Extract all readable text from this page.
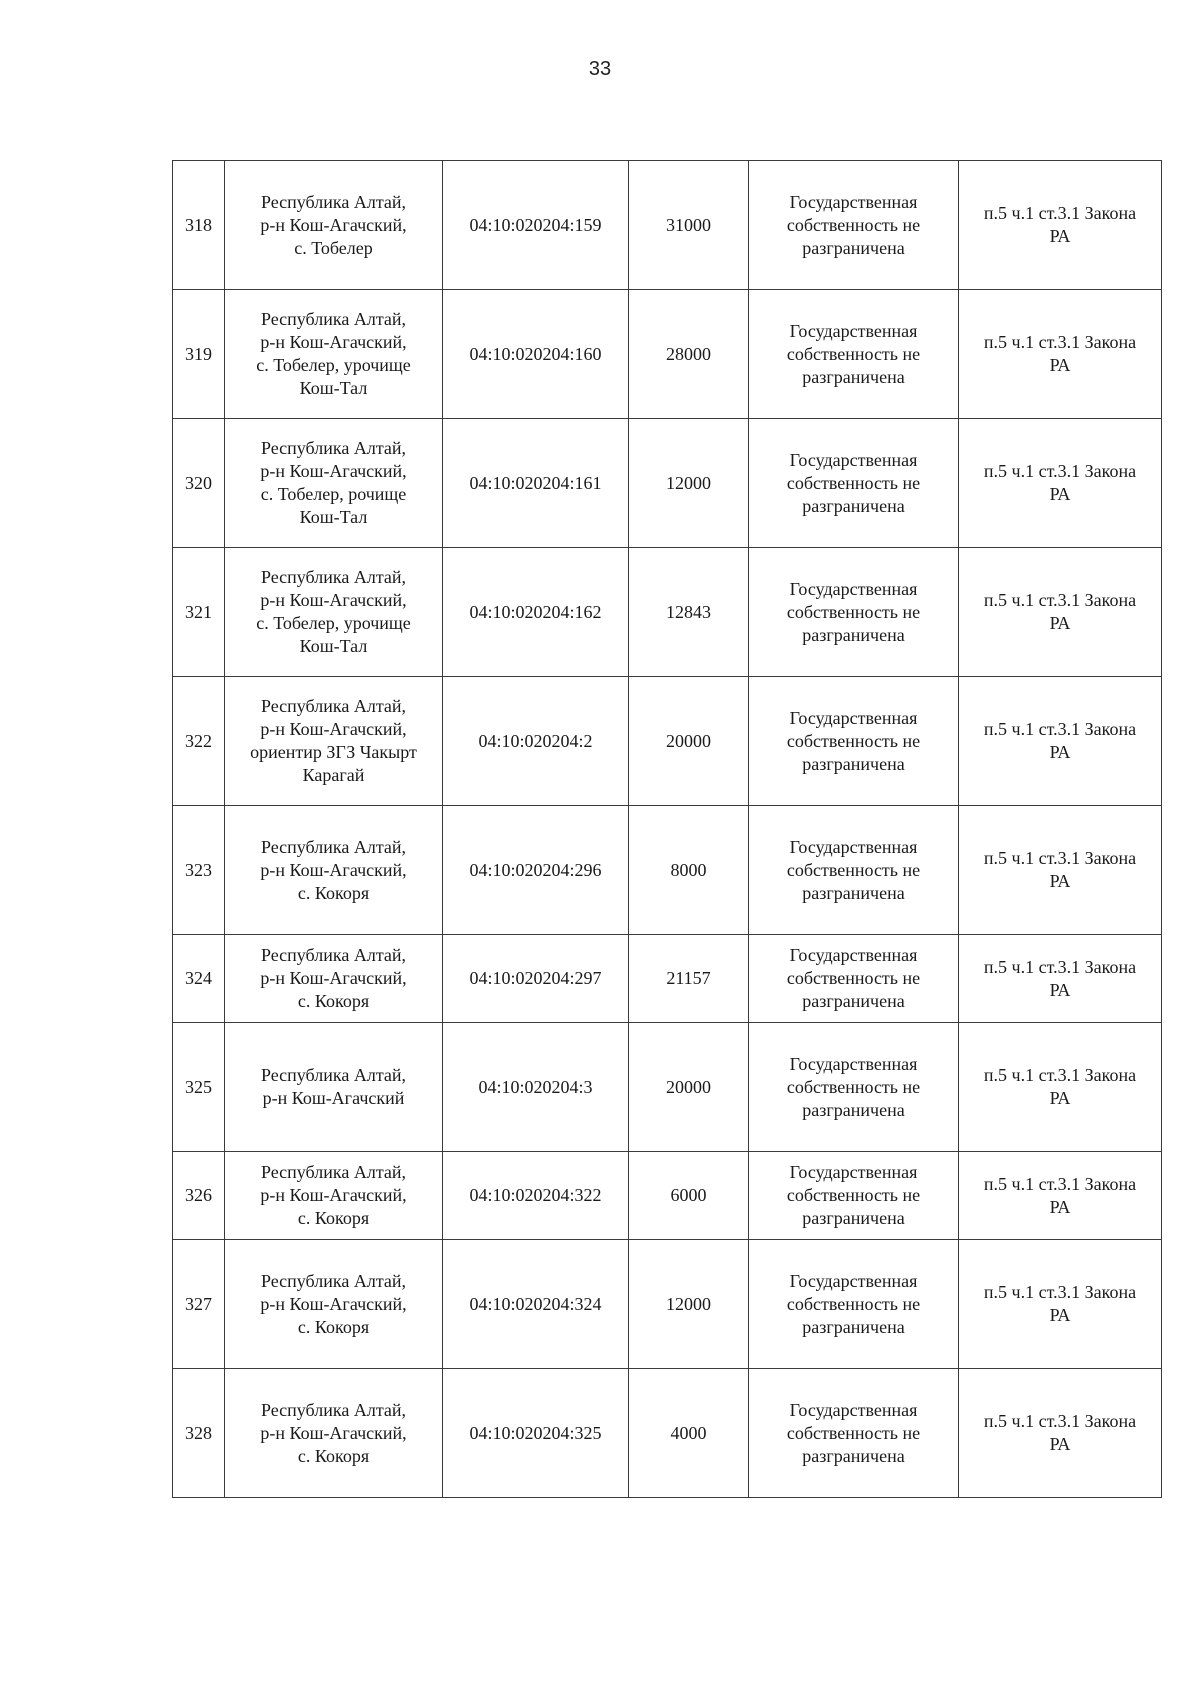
33
318	Республика Алтай,
р-н Кош-Агачский,
с. Тобелер	04:10:020204:159	31000	Государственная
собственность не
разграничена	п.5 ч.1 ст.3.1 Закона
РА
319	Республика Алтай,
р-н Кош-Агачский,
с. Тобелер, урочище
Кош-Тал	04:10:020204:160	28000	Государственная
собственность не
разграничена	п.5 ч.1 ст.3.1 Закона
РА
320	Республика Алтай,
р-н Кош-Агачский,
с. Тобелер, рочище
Кош-Тал	04:10:020204:161	12000	Государственная
собственность не
разграничена	п.5 ч.1 ст.3.1 Закона
РА
321	Республика Алтай,
р-н Кош-Агачский,
с. Тобелер, урочище
Кош-Тал	04:10:020204:162	12843	Государственная
собственность не
разграничена	п.5 ч.1 ст.3.1 Закона
РА
322	Республика Алтай,
р-н Кош-Агачский,
ориентир ЗГЗ Чакырт
Карагай	04:10:020204:2	20000	Государственная
собственность не
разграничена	п.5 ч.1 ст.3.1 Закона
РА
323	Республика Алтай,
р-н Кош-Агачский,
с. Кокоря	04:10:020204:296	8000	Государственная
собственность не
разграничена	п.5 ч.1 ст.3.1 Закона
РА
324	Республика Алтай,
р-н Кош-Агачский,
с. Кокоря	04:10:020204:297	21157	Государственная
собственность не
разграничена	п.5 ч.1 ст.3.1 Закона
РА
325	Республика Алтай,
р-н Кош-Агачский	04:10:020204:3	20000	Государственная
собственность не
разграничена	п.5 ч.1 ст.3.1 Закона
РА
326	Республика Алтай,
р-н Кош-Агачский,
с. Кокоря	04:10:020204:322	6000	Государственная
собственность не
разграничена	п.5 ч.1 ст.3.1 Закона
РА
327	Республика Алтай,
р-н Кош-Агачский,
с. Кокоря	04:10:020204:324	12000	Государственная
собственность не
разграничена	п.5 ч.1 ст.3.1 Закона
РА
328	Республика Алтай,
р-н Кош-Агачский,
с. Кокоря	04:10:020204:325	4000	Государственная
собственность не
разграничена	п.5 ч.1 ст.3.1 Закона
РА
